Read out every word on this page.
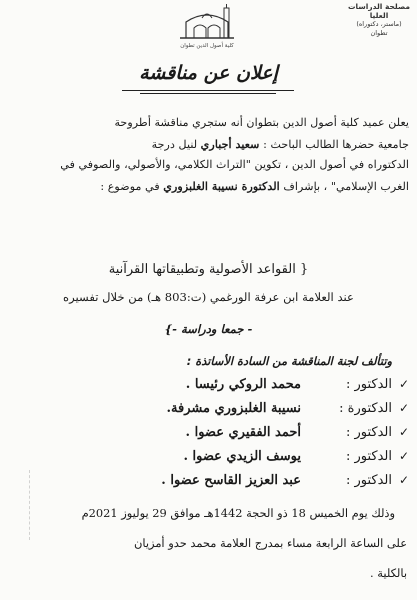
كلية أصول الدين تطوان
مصلحة الدراسات العليا
(ماستر، دكتوراه)
تطوان
إعلان عن مناقشة
يعلن عميد كلية أصول الدين بتطوان أنه ستجري مناقشة أطروحة
جامعية حضرها الطالب الباحث : سعيد أجباري لنيل درجة
الدكتوراه في أصول الدين ، تكوين "التراث الكلامي، والأصولي، والصوفي في
الغرب الإسلامي" ، بإشراف الدكتورة نسيبة الغلبزوري في موضوع :
{ القواعد الأصولية وتطبيقاتها القرآنية
عند العلامة ابن عرفة الورغمي (ت:803 هـ) من خلال تفسيره
- جمعا ودراسة -}
وتتألف لجنة المناقشة من السادة الأساتذة :
✓
الدكتور :
محمد الروكي رئيسا .
✓
الدكتورة :
نسيبة الغلبزوري مشرفة.
✓
الدكتور :
أحمد الفقيري عضوا .
✓
الدكتور :
يوسف الزيدي عضوا .
✓
الدكتور :
عبد العزيز القاسح عضوا .
وذلك يوم الخميس 18 ذو الحجة 1442هـ موافق 29 يوليوز 2021م
على الساعة الرابعة مساء بمدرج العلامة محمد حدو أمزيان
بالكلية .
